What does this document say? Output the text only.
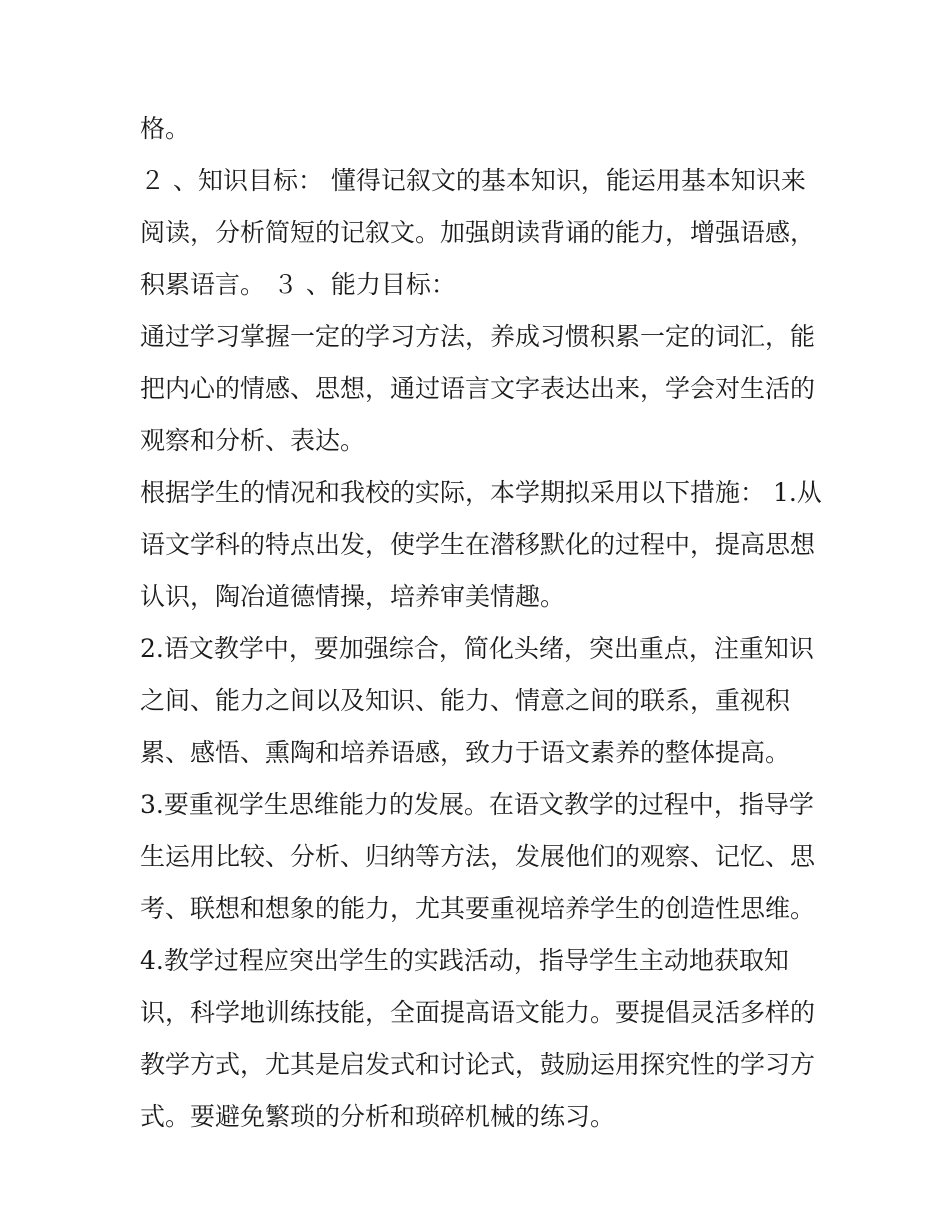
格。
２ 、知识目标： 懂得记叙文的基本知识，能运用基本知识来
阅读，分析简短的记叙文。加强朗读背诵的能力，增强语感，
积累语言。 ３ 、能力目标：
通过学习掌握一定的学习方法，养成习惯积累一定的词汇，能
把内心的情感、思想，通过语言文字表达出来，学会对生活的
观察和分析、表达。
根据学生的情况和我校的实际，本学期拟采用以下措施： 1.从
语文学科的特点出发，使学生在潜移默化的过程中，提高思想
认识，陶冶道德情操，培养审美情趣。
2.语文教学中，要加强综合，简化头绪，突出重点，注重知识
之间、能力之间以及知识、能力、情意之间的联系，重视积
累、感悟、熏陶和培养语感，致力于语文素养的整体提高。
3.要重视学生思维能力的发展。在语文教学的过程中，指导学
生运用比较、分析、归纳等方法，发展他们的观察、记忆、思
考、联想和想象的能力，尤其要重视培养学生的创造性思维。
4.教学过程应突出学生的实践活动，指导学生主动地获取知
识，科学地训练技能，全面提高语文能力。要提倡灵活多样的
教学方式，尤其是启发式和讨论式，鼓励运用探究性的学习方
式。要避免繁琐的分析和琐碎机械的练习。
